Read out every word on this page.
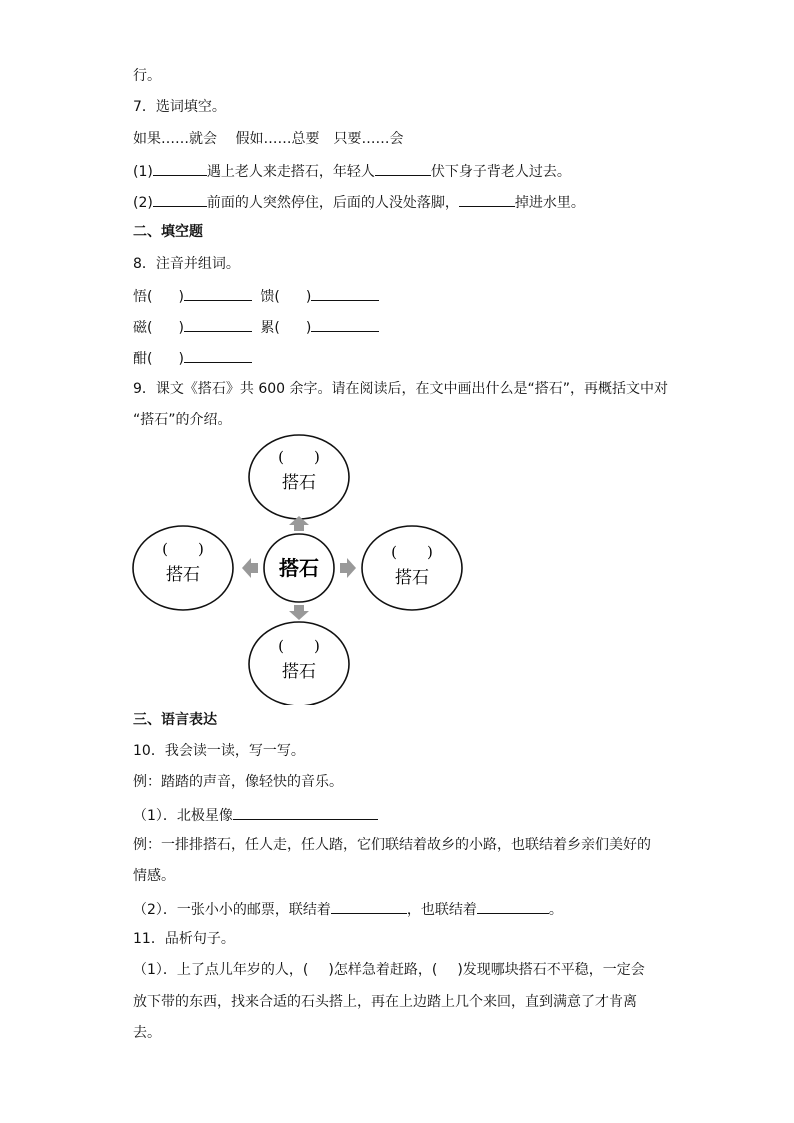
行。
7．选词填空。
如果……就会　 假如……总要　只要……会
(1)	遇上老人来走搭石，年轻人	伏下身子背老人过去。
(2)	前面的人突然停住，后面的人没处落脚，	掉进水里。
二、填空题
8．注音并组词。
悟( )	馈( )
磁( )	累( )
酣( )
9．课文《搭石》共 600 余字。请在阅读后，在文中画出什么是“搭石”，再概括文中对
“搭石”的介绍。
(　　)
搭石
(　　)
搭石
(　　)
搭石
(　　)
搭石
搭石
三、语言表达
10．我会读一读，写一写。
例：踏踏的声音，像轻快的音乐。
（1）．北极星像
例：一排排搭石，任人走，任人踏，它们联结着故乡的小路，也联结着乡亲们美好的
情感。
（2）．一张小小的邮票，联结着	，也联结着	。
11．品析句子。
（1）．上了点儿年岁的人，( )怎样急着赶路，( )发现哪块搭石不平稳，一定会
放下带的东西，找来合适的石头搭上，再在上边踏上几个来回，直到满意了才肯离
去。
